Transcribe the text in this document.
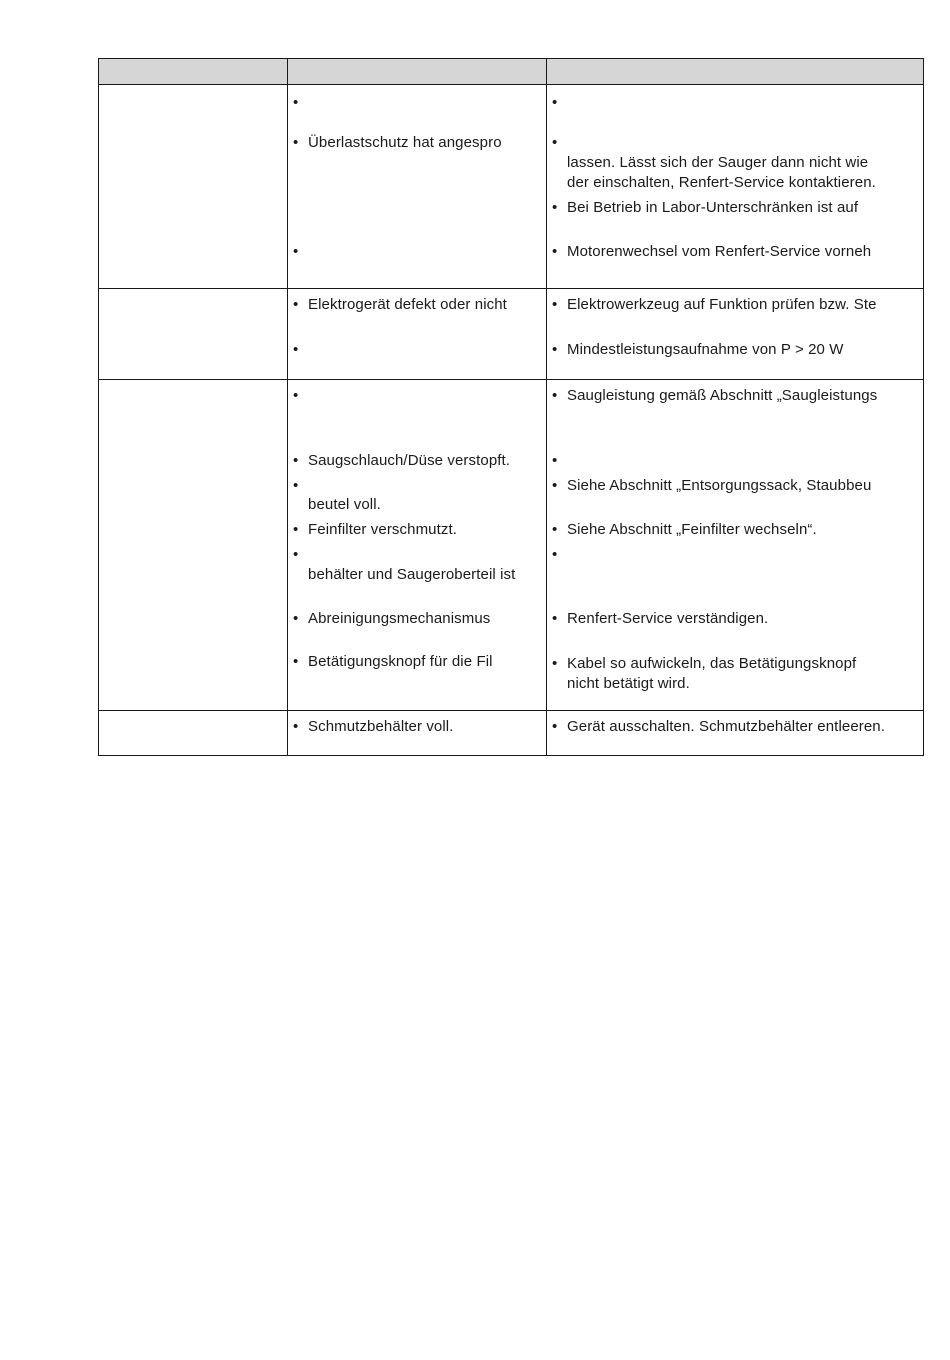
•
• Überlastschutz hat angespro
•
•
•
lassen. Lässt sich der Sauger dann nicht wie
der einschalten, Renfert-Service kontaktieren.
• Bei Betrieb in Labor-Unterschränken ist auf
• Motorenwechsel vom Renfert-Service vorneh
• Elektrogerät defekt oder nicht
•
• Elektrowerkzeug auf Funktion prüfen bzw. Ste
• Mindestleistungsaufnahme von P > 20 W
•
• Saugschlauch/Düse verstopft.
•
beutel voll.
• Feinfilter verschmutzt.
•
behälter und Saugeroberteil ist
• Abreinigungsmechanismus
• Betätigungsknopf für die Fil
• Saugleistung gemäß Abschnitt „Saugleistungs
•
• Siehe Abschnitt „Entsorgungssack, Staubbeu
• Siehe Abschnitt „Feinfilter wechseln“.
•
• Renfert-Service verständigen.
• Kabel so aufwickeln, das Betätigungsknopf
nicht betätigt wird.
• Schmutzbehälter voll.	• Gerät ausschalten. Schmutzbehälter entleeren.
